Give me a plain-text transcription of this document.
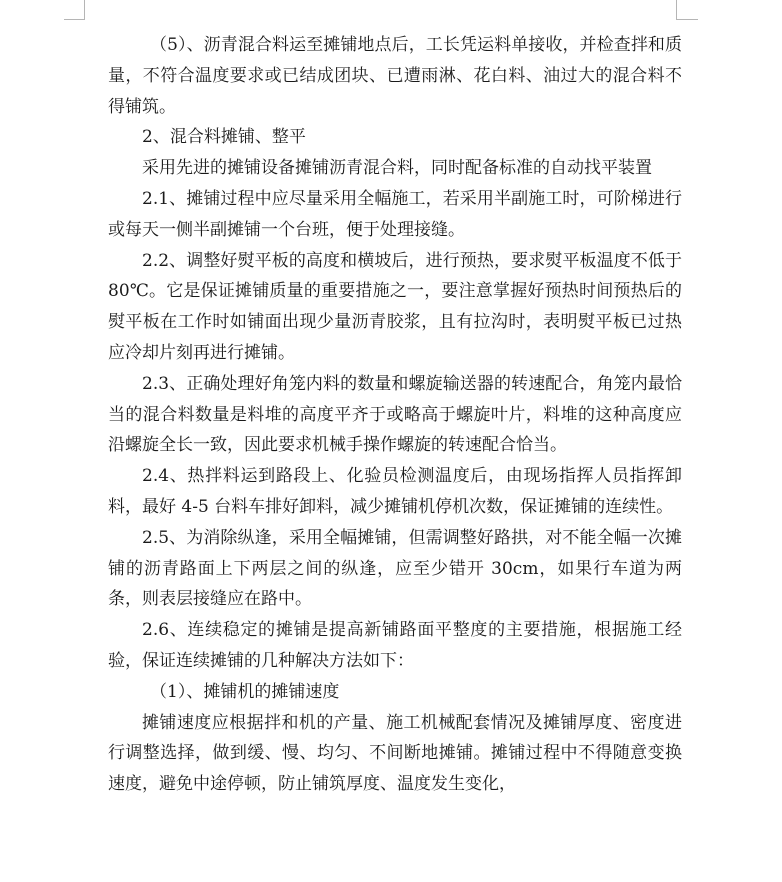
（5）、沥青混合料运至摊铺地点后，工长凭运料单接收，并检查拌和质量，不符合温度要求或已结成团块、已遭雨淋、花白料、油过大的混合料不得铺筑。

2、混合料摊铺、整平

采用先进的摊铺设备摊铺沥青混合料，同时配备标准的自动找平装置

2.1、摊铺过程中应尽量采用全幅施工，若采用半副施工时，可阶梯进行或每天一侧半副摊铺一个台班，便于处理接缝。

2.2、调整好熨平板的高度和横坡后，进行预热，要求熨平板温度不低于 80℃。它是保证摊铺质量的重要措施之一，要注意掌握好预热时间预热后的熨平板在工作时如铺面出现少量沥青胶浆，且有拉沟时，表明熨平板已过热应冷却片刻再进行摊铺。

2.3、正确处理好角笼内料的数量和螺旋输送器的转速配合，角笼内最恰当的混合料数量是料堆的高度平齐于或略高于螺旋叶片，料堆的这种高度应沿螺旋全长一致，因此要求机械手操作螺旋的转速配合恰当。

2.4、热拌料运到路段上、化验员检测温度后，由现场指挥人员指挥卸料，最好 4-5 台料车排好卸料，减少摊铺机停机次数，保证摊铺的连续性。

2.5、为消除纵逢，采用全幅摊铺，但需调整好路拱，对不能全幅一次摊铺的沥青路面上下两层之间的纵逢，应至少错开 30cm，如果行车道为两条，则表层接缝应在路中。

2.6、连续稳定的摊铺是提高新铺路面平整度的主要措施，根据施工经验，保证连续摊铺的几种解决方法如下：

（1）、摊铺机的摊铺速度

摊铺速度应根据拌和机的产量、施工机械配套情况及摊铺厚度、密度进行调整选择，做到缓、慢、均匀、不间断地摊铺。摊铺过程中不得随意变换速度，避免中途停顿，防止铺筑厚度、温度发生变化，
